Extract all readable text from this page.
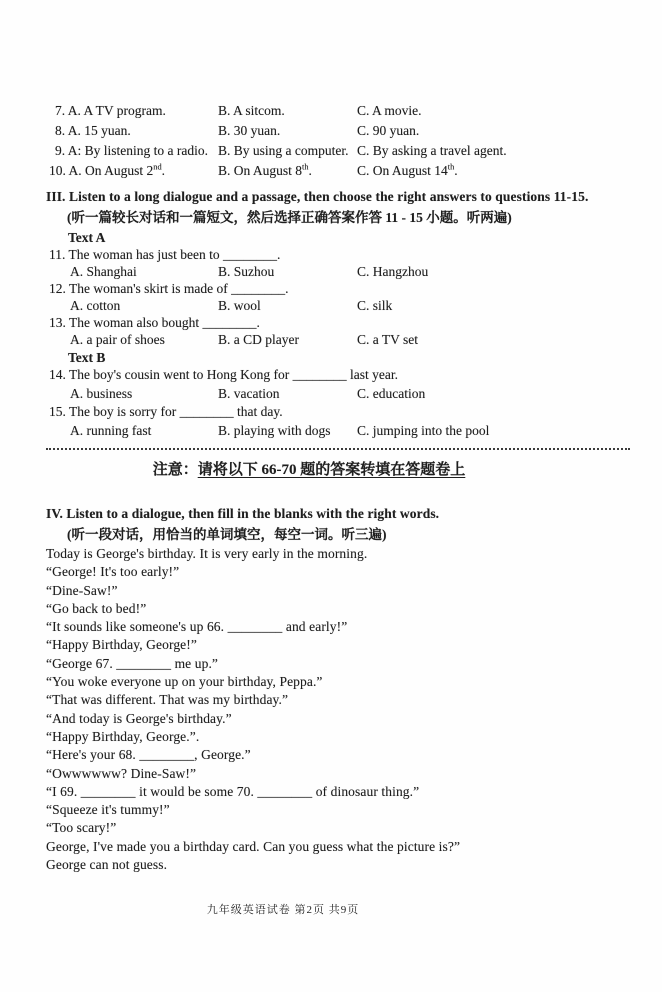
7. A. A TV program.	B. A sitcom.	C. A movie.
8. A. 15 yuan.	B. 30 yuan.	C. 90 yuan.
9. A: By listening to a radio. B. By using a computer. C. By asking a travel agent.
10. A. On August 2nd.	B. On August 8th.	C. On August 14th.
III. Listen to a long dialogue and a passage, then choose the right answers to questions 11-15.
(听一篇较长对话和一篇短文，然后选择正确答案作答 11 - 15 小题。听两遍)
Text A
11. The woman has just been to ________.
A. Shanghai	B. Suzhou	C. Hangzhou
12. The woman's skirt is made of ________.
A. cotton	B. wool	C. silk
13. The woman also bought ________.
A. a pair of shoes	B. a CD player	C. a TV set
Text B
14. The boy's cousin went to Hong Kong for ________ last year.
A. business	B. vacation	C. education
15. The boy is sorry for ________ that day.
A. running fast	B. playing with dogs	C. jumping into the pool
注意：请将以下 66-70 题的答案转填在答题卷上
IV. Listen to a dialogue, then fill in the blanks with the right words.
(听一段对话，用恰当的单词填空，每空一词。听三遍)

Today is George's birthday. It is very early in the morning.

“George! It's too early!”

“Dine-Saw!”

“Go back to bed!”

“It sounds like someone's up 66. ________ and early!”

“Happy Birthday, George!”

“George 67. ________ me up.”

“You woke everyone up on your birthday, Peppa.”

“That was different. That was my birthday.”

“And today is George's birthday.”

“Happy Birthday, George.”.

“Here's your 68. ________, George.”

“Owwwwww? Dine-Saw!”

“I 69. ________ it would be some 70. ________ of dinosaur thing.”

“Squeeze it's tummy!”

“Too scary!”

George, I've made you a birthday card. Can you guess what the picture is?”

George can not guess.

九年级英语试卷 第2页 共9页
